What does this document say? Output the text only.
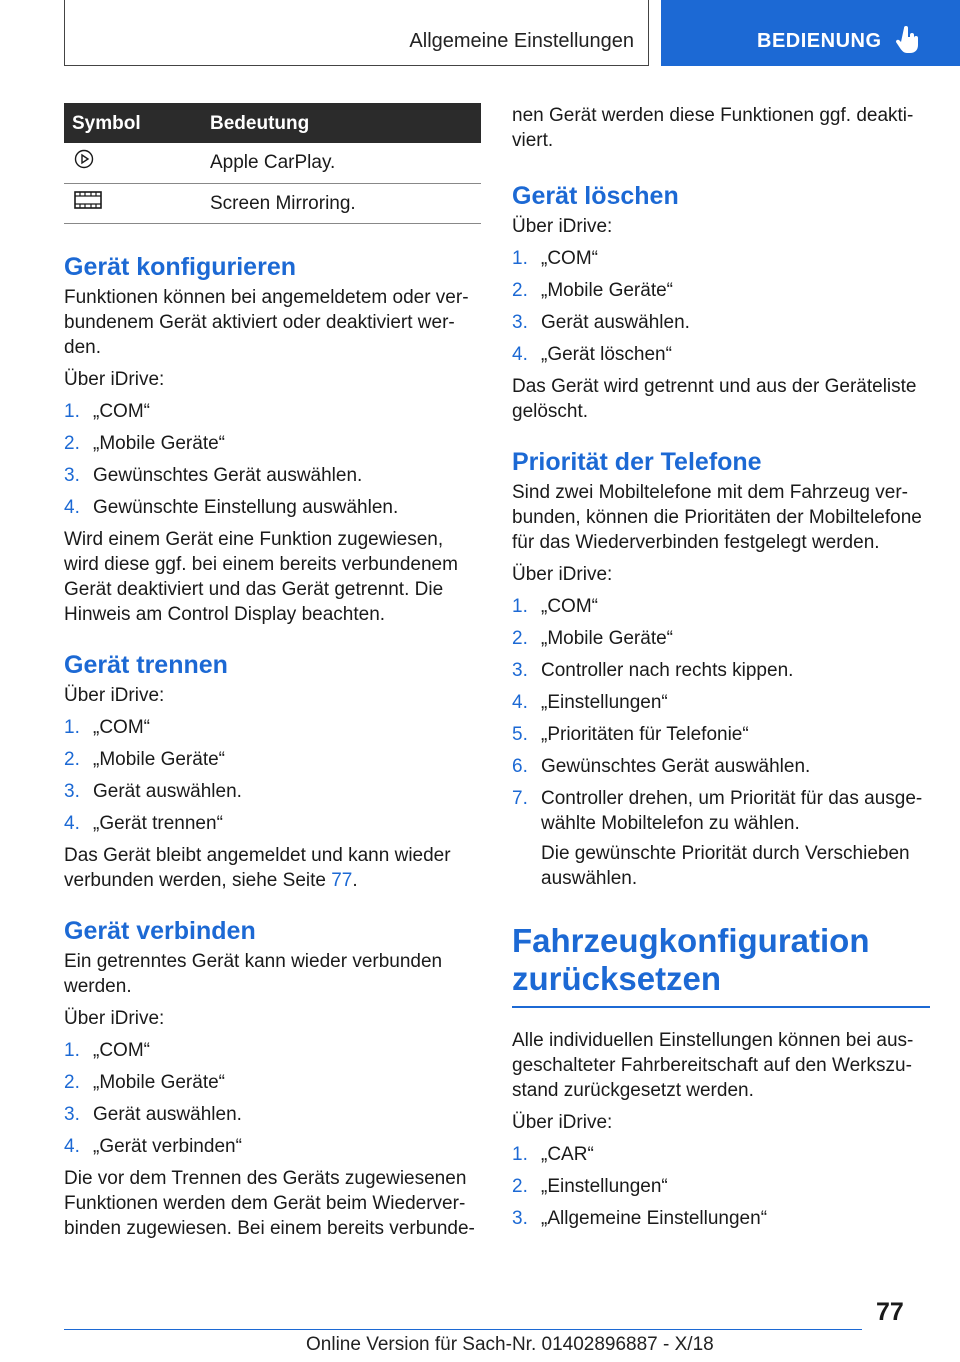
Allgemeine Einstellungen	BEDIENUNG
Symbol	Bedeutung
	Apple CarPlay.
	Screen Mirroring.
Gerät konfigurieren

Funktionen können bei angemeldetem oder ver- bundenem Gerät aktiviert oder deaktiviert wer- den.

Über iDrive:

1. „COM“
2. „Mobile Geräte“
3. Gewünschtes Gerät auswählen.
4. Gewünschte Einstellung auswählen.

Wird einem Gerät eine Funktion zugewiesen, wird diese ggf. bei einem bereits verbundenem Gerät deaktiviert und das Gerät getrennt. Die Hinweis am Control Display beachten.

Gerät trennen

Über iDrive:

1. „COM“
2. „Mobile Geräte“
3. Gerät auswählen.
4. „Gerät trennen“

Das Gerät bleibt angemeldet und kann wieder verbunden werden, siehe Seite 77.

Gerät verbinden

Ein getrenntes Gerät kann wieder verbunden werden.

Über iDrive:

1. „COM“
2. „Mobile Geräte“
3. Gerät auswählen.
4. „Gerät verbinden“

Die vor dem Trennen des Geräts zugewiesenen Funktionen werden dem Gerät beim Wiederver- binden zugewiesen. Bei einem bereits verbunde-

nen Gerät werden diese Funktionen ggf. deakti- viert.

Gerät löschen

Über iDrive:

1. „COM“
2. „Mobile Geräte“
3. Gerät auswählen.
4. „Gerät löschen“

Das Gerät wird getrennt und aus der Geräteliste gelöscht.

Priorität der Telefone

Sind zwei Mobiltelefone mit dem Fahrzeug ver- bunden, können die Prioritäten der Mobiltelefone für das Wiederverbinden festgelegt werden.

Über iDrive:

1. „COM“
2. „Mobile Geräte“
3. Controller nach rechts kippen.
4. „Einstellungen“
5. „Prioritäten für Telefonie“
6. Gewünschtes Gerät auswählen.
7. Controller drehen, um Priorität für das ausge- wählte Mobiltelefon zu wählen.

Die gewünschte Priorität durch Verschieben auswählen.

Fahrzeugkonfiguration
zurücksetzen

Alle individuellen Einstellungen können bei aus- geschalteter Fahrbereitschaft auf den Werkszu- stand zurückgesetzt werden.

Über iDrive:

1. „CAR“
2. „Einstellungen“
3. „Allgemeine Einstellungen“
77
Online Version für Sach-Nr. 01402896887 - X/18
